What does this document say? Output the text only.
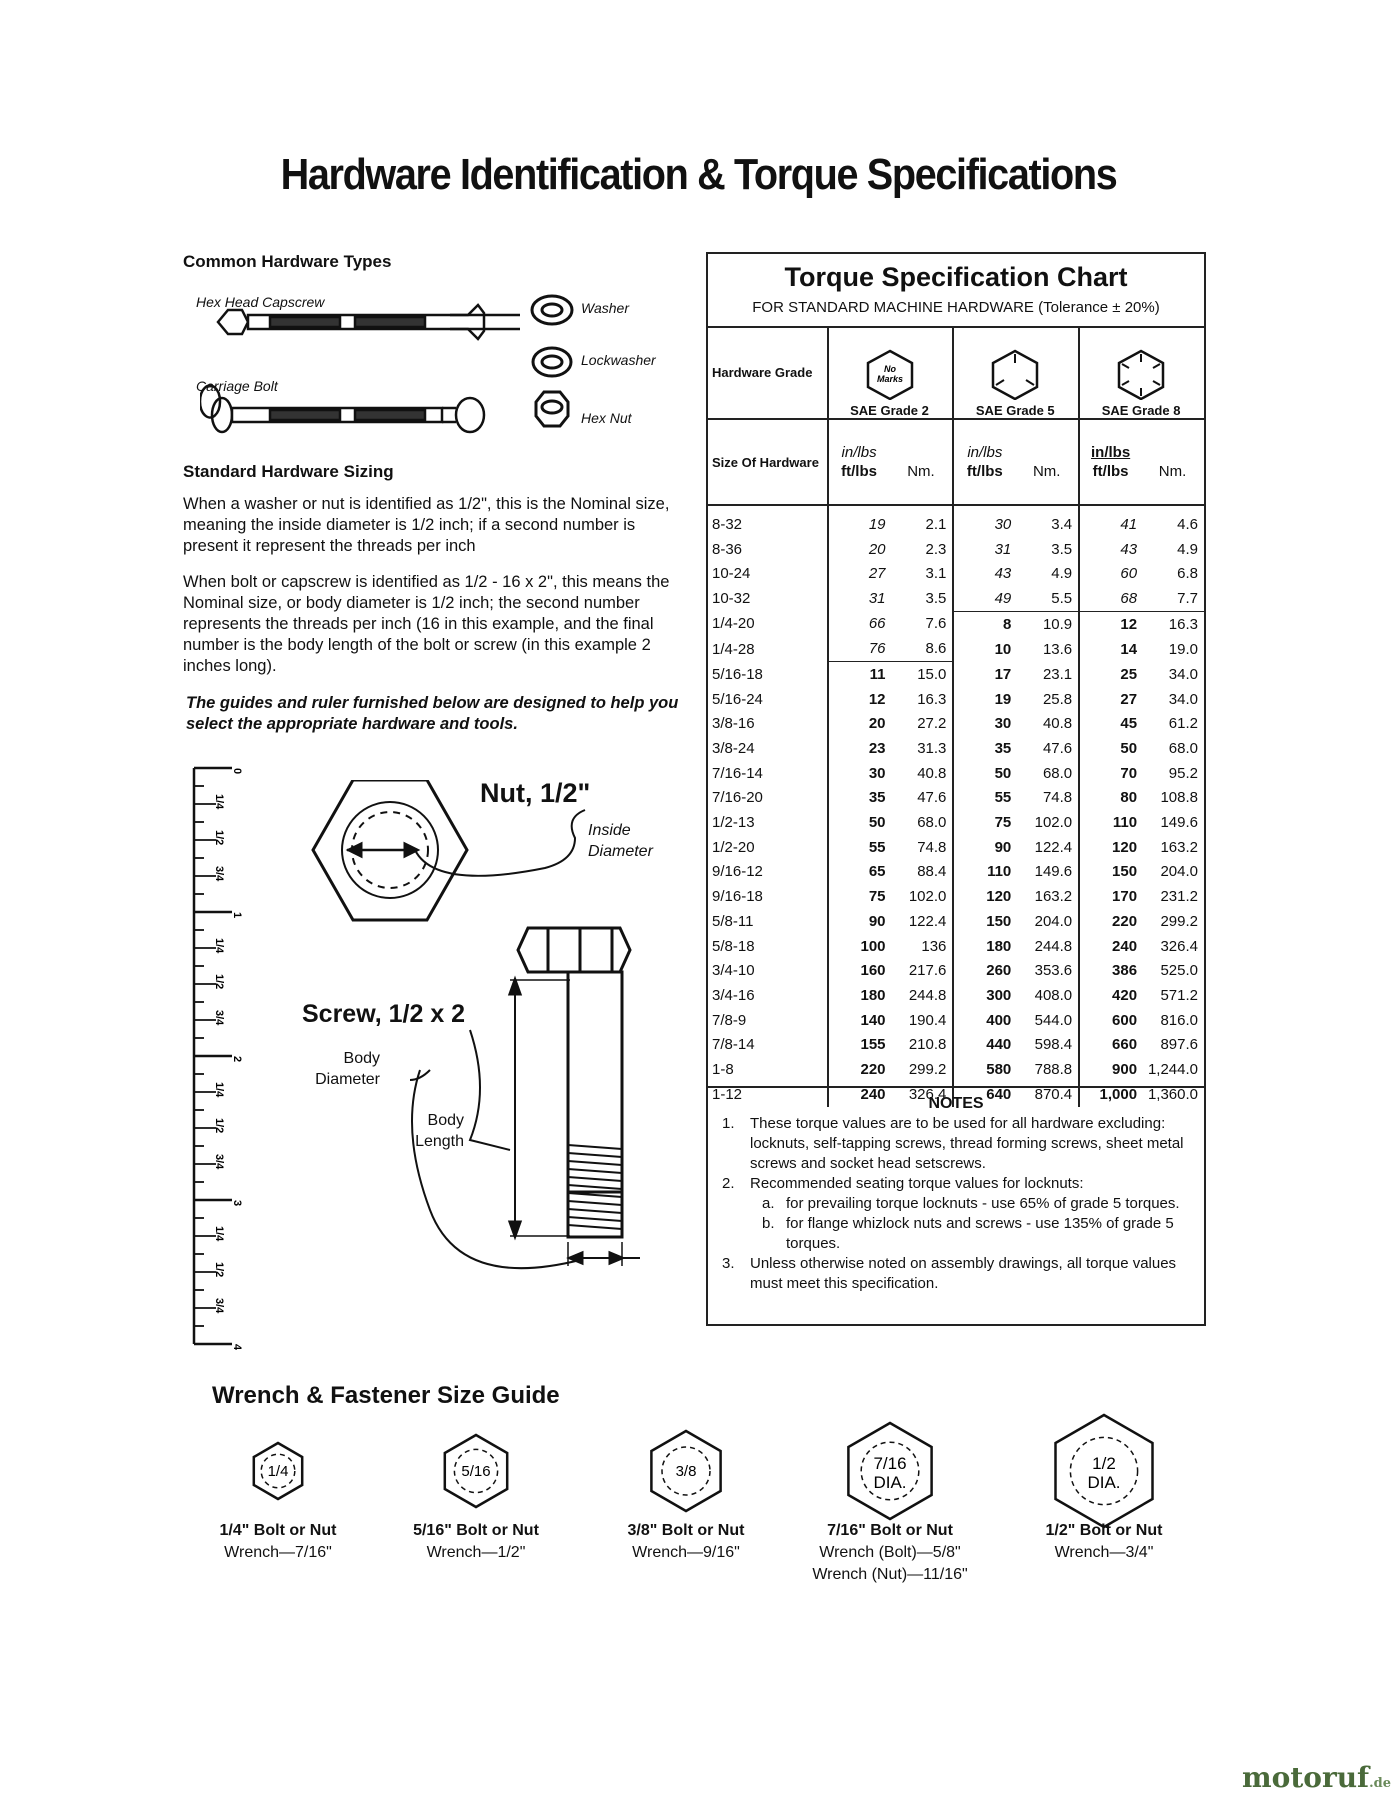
Hardware Identification & Torque Specifications
Common Hardware Types
Hex Head Capscrew
Carriage Bolt
Washer
Lockwasher
Hex Nut
Standard Hardware Sizing
When a washer or nut is identified as 1/2", this is the Nominal size, meaning the inside diameter is 1/2 inch; if a second number is present it represent the threads per inch
When bolt or capscrew is identified as 1/2 - 16 x 2", this means the Nominal size, or body diameter is 1/2 inch; the second number represents the threads per inch (16 in this example, and the final number is the body length of the bolt or screw (in this example 2 inches long).
The guides and ruler furnished below are designed to help you select the appropriate hardware and tools.
0
1/4
1/2
3/4
1
1/4
1/2
3/4
2
1/4
1/2
3/4
3
1/4
1/2
3/4
4
Nut, 1/2"
Inside Diameter
Screw, 1/2 x 2
Body Diameter
Body Length
Torque Specification Chart
FOR STANDARD MACHINE HARDWARE (Tolerance ± 20%)
Hardware Grade	No
Marks
SAE Grade 2		SAE Grade 5		SAE Grade 8	

Size Of Hardware	in/lbs
ft/lbs	Nm.	in/lbs
ft/lbs	Nm.	in/lbs
ft/lbs	Nm.
8-32	19	2.1	30	3.4	41	4.6
8-36	20	2.3	31	3.5	43	4.9
10-24	27	3.1	43	4.9	60	6.8
10-32	31	3.5	49	5.5	68	7.7
1/4-20	66	7.6	8	10.9	12	16.3
1/4-28	76	8.6	10	13.6	14	19.0
5/16-18	11	15.0	17	23.1	25	34.0
5/16-24	12	16.3	19	25.8	27	34.0
3/8-16	20	27.2	30	40.8	45	61.2
3/8-24	23	31.3	35	47.6	50	68.0
7/16-14	30	40.8	50	68.0	70	95.2
7/16-20	35	47.6	55	74.8	80	108.8
1/2-13	50	68.0	75	102.0	110	149.6
1/2-20	55	74.8	90	122.4	120	163.2
9/16-12	65	88.4	110	149.6	150	204.0
9/16-18	75	102.0	120	163.2	170	231.2
5/8-11	90	122.4	150	204.0	220	299.2
5/8-18	100	136	180	244.8	240	326.4
3/4-10	160	217.6	260	353.6	386	525.0
3/4-16	180	244.8	300	408.0	420	571.2
7/8-9	140	190.4	400	544.0	600	816.0
7/8-14	155	210.8	440	598.4	660	897.6
1-8	220	299.2	580	788.8	900	1,244.0
1-12	240	326.4	640	870.4	1,000	1,360.0
NOTES
1. These torque values are to be used for all hardware excluding: locknuts, self-tapping screws, thread forming screws, sheet metal screws and socket head setscrews.
2. Recommended seating torque values for locknuts:
a. for prevailing torque locknuts - use 65% of grade 5 torques.
b. for flange whizlock nuts and screws - use 135% of grade 5 torques.
3. Unless otherwise noted on assembly drawings, all torque values must meet this specification.
Wrench & Fastener Size Guide
1/4
1/4" Bolt or Nut
Wrench—7/16"
5/16
5/16" Bolt or Nut
Wrench—1/2"
3/8
3/8" Bolt or Nut
Wrench—9/16"
7/16
DIA.
7/16" Bolt or Nut
Wrench (Bolt)—5/8"
Wrench (Nut)—11/16"
1/2
DIA.
1/2" Bolt or Nut
Wrench—3/4"
motoruf.de
